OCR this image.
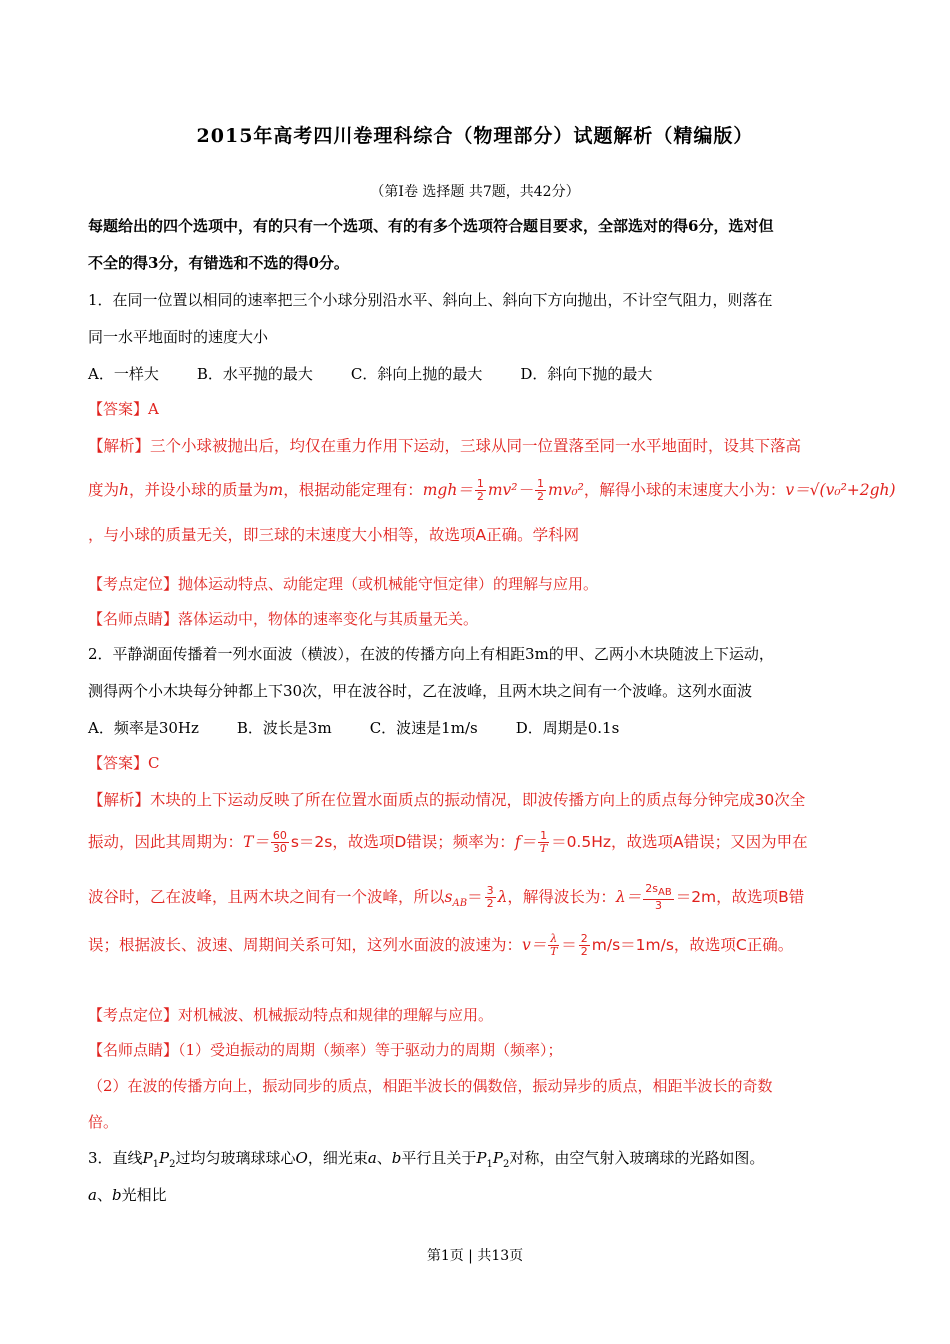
2015年高考四川卷理科综合（物理部分）试题解析（精编版）
（第Ⅰ卷 选择题 共7题，共42分）
每题给出的四个选项中，有的只有一个选项、有的有多个选项符合题目要求，全部选对的得6分，选对但
不全的得3分，有错选和不选的得0分。
1．在同一位置以相同的速率把三个小球分别沿水平、斜向上、斜向下方向抛出，不计空气阻力，则落在
同一水平地面时的速度大小
A．一样大	B．水平抛的最大	C．斜向上抛的最大	D．斜向下抛的最大
【答案】A
【解析】三个小球被抛出后，均仅在重力作用下运动，三球从同一位置落至同一水平地面时，设其下落高
度为h，并设小球的质量为m，根据动能定理有：$mgh= \frac{1}{2} mv^2- \frac{1}{2} mv_0^2$，解得小球的末速度大小为：v＝√(v₀²+2gh)
，与小球的质量无关，即三球的末速度大小相等，故选项A正确。学科网
【考点定位】抛体运动特点、动能定理（或机械能守恒定律）的理解与应用。
【名师点睛】落体运动中，物体的速率变化与其质量无关。
2．平静湖面传播着一列水面波（横波），在波的传播方向上有相距3m的甲、乙两小木块随波上下运动，
测得两个小木块每分钟都上下30次，甲在波谷时，乙在波峰，且两木块之间有一个波峰。这列水面波
A．频率是30Hz	B．波长是3m	C．波速是1m/s	D．周期是0.1s
【答案】C
【解析】木块的上下运动反映了所在位置水面质点的振动情况，即波传播方向上的质点每分钟完成30次全
振动，因此其周期为：$T= \frac{60}{30} s=2s$，故选项D错误；频率为：$f= \frac{1}{T} =0.5Hz$，故选项A错误；又因为甲在
波谷时，乙在波峰，且两木块之间有一个波峰，所以$s_{AB}= \frac{3}{2}$ λ，解得波长为：$\lambda= \frac{2s_{AB}}{3} =2m$，故选项B错
误；根据波长、波速、周期间关系可知，这列水面波的波速为：$v= \frac{\lambda}{T} = \frac{2}{2} m/s=1m/s$，故选项C正确。
【考点定位】对机械波、机械振动特点和规律的理解与应用。
【名师点睛】（1）受迫振动的周期（频率）等于驱动力的周期（频率）；
（2）在波的传播方向上，振动同步的质点，相距半波长的偶数倍，振动异步的质点，相距半波长的奇数
倍。
3．直线$P_1P_2$过均匀玻璃球球心O，细光束a、b平行且关于$P_1P_2$对称，由空气射入玻璃球的光路如图。
a、b光相比
第1页 | 共13页
